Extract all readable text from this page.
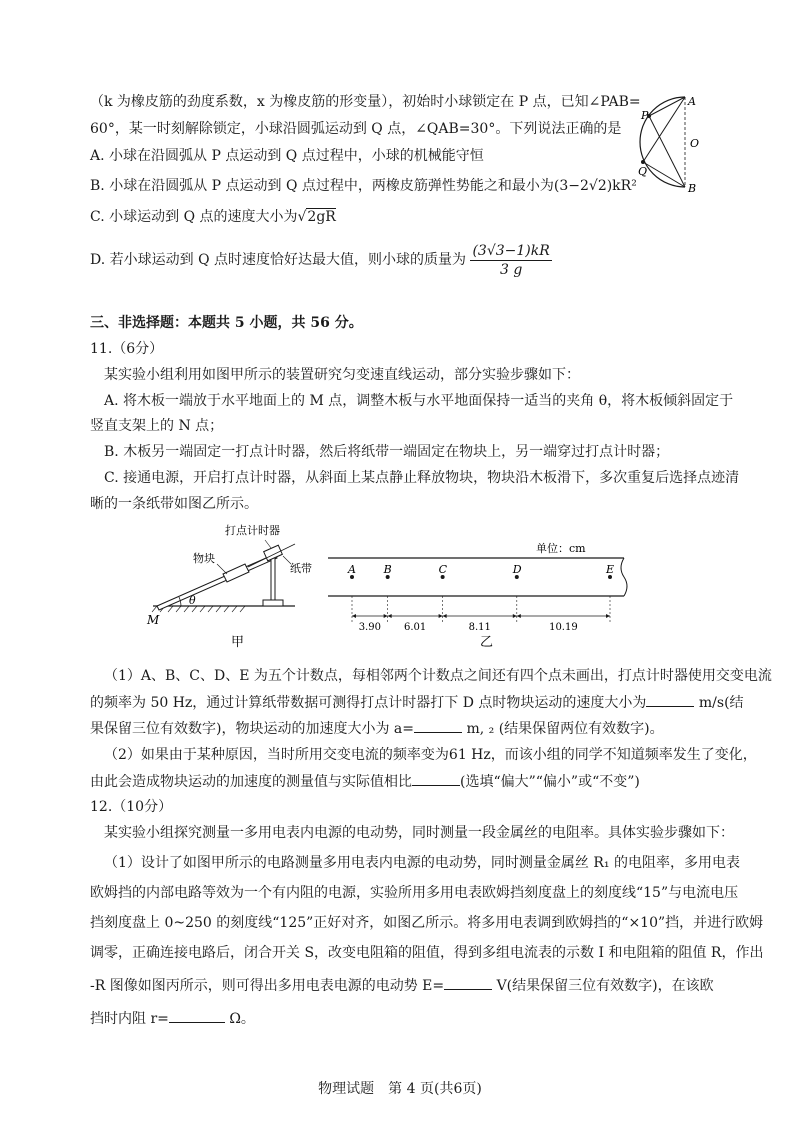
（k 为橡皮筋的劲度系数，x 为橡皮筋的形变量），初始时小球锁定在 P 点，已知∠PAB=
60°，某一时刻解除锁定，小球沿圆弧运动到 Q 点，∠QAB=30°。下列说法正确的是
A. 小球在沿圆弧从 P 点运动到 Q 点过程中，小球的机械能守恒
B. 小球在沿圆弧从 P 点运动到 Q 点过程中，两橡皮筋弹性势能之和最小为(3−2√2)kR²
C. 小球运动到 Q 点的速度大小为√2gR
D. 若小球运动到 Q 点时速度恰好达最大值，则小球的质量为 $\frac{(3√3-1)kR}{3 g}$
A
B
O
P
Q
三、非选择题：本题共 5 小题，共 56 分。
11.（6分）
某实验小组利用如图甲所示的装置研究匀变速直线运动，部分实验步骤如下：
A. 将木板一端放于水平地面上的 M 点，调整木板与水平地面保持一适当的夹角 θ，将木板倾斜固定于
竖直支架上的 N 点；
B. 木板另一端固定一打点计时器，然后将纸带一端固定在物块上，另一端穿过打点计时器；
C. 接通电源，开启打点计时器，从斜面上某点静止释放物块，物块沿木板滑下，多次重复后选择点迹清
晰的一条纸带如图乙所示。
打点计时器
物块
纸带
θ
M
甲
单位：cm
A	B	C	D	E
3.90 6.01	8.11	10.19
乙
（1）A、B、C、D、E 为五个计数点，每相邻两个计数点之间还有四个点未画出，打点计时器使用交变电流
的频率为 50 Hz，通过计算纸带数据可测得打点计时器打下 D 点时物块运动的速度大小为	m/s(结
果保留三位有效数字)，物块运动的加速度大小为 a=	m, ₂ (结果保留两位有效数字)。
（2）如果由于某种原因，当时所用交变电流的频率变为61 Hz，而该小组的同学不知道频率发生了变化，
由此会造成物块运动的加速度的测量值与实际值相比	(选填“偏大”“偏小”或“不变”)
12.（10分）
某实验小组探究测量一多用电表内电源的电动势，同时测量一段金属丝的电阻率。具体实验步骤如下：
（1）设计了如图甲所示的电路测量多用电表内电源的电动势，同时测量金属丝 R₁ 的电阻率，多用电表
欧姆挡的内部电路等效为一个有内阻的电源，实验所用多用电表欧姆挡刻度盘上的刻度线“15”与电流电压
挡刻度盘上 0~250 的刻度线“125”正好对齐，如图乙所示。将多用电表调到欧姆挡的“×10”挡，并进行欧姆
调零，正确连接电路后，闭合开关 S，改变电阻箱的阻值，得到多组电流表的示数 I 和电阻箱的阻值 R，作出
-R 图像如图丙所示，则可得出多用电表电源的电动势 E=	V(结果保留三位有效数字)，在该欧
挡时内阻 r=	Ω。
物理试题　第 4 页(共6页)
